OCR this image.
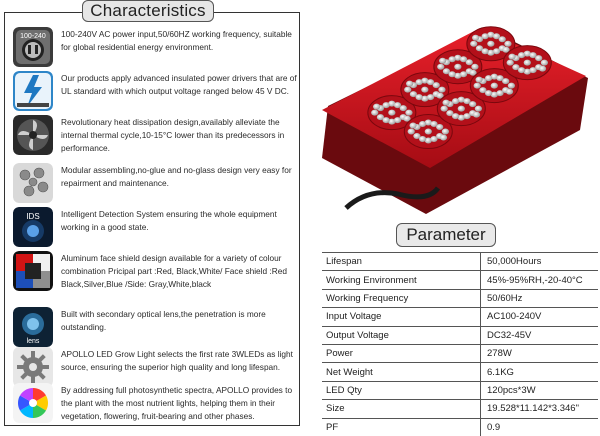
Characteristics
100-240 100-240V AC power input,50/60HZ working frequency, suitable for global residential energy environment.
Our products apply advanced insulated power drivers that are of UL standard with which output voltage ranged below 45 V DC.
Revolutionary heat dissipation design,availably alleviate the internal thermal cycle,10-15°C lower than its predecessors in performance.
Modular assembling,no-glue and no-glass design very easy for repairment and maintenance.
IDS	Intelligent Detection System ensuring the whole equipment working in a good state.
Aluminum face shield design available for a variety of colour combination Pricipal part :Red, Black,White/ Face shield :Red Black,Silver,Blue /Side: Gray,White,black
lens
Built with secondary optical lens,the penetration is more outstanding.
APOLLO LED Grow Light selects the first rate 3WLEDs as light source, ensuring the superior high quality and long lifespan.
By addressing full photosynthetic spectra, APOLLO provides to the plant with the most nutrient lights, helping them in their vegetation, flowering, fruit-bearing and other phases.
Parameter

Lifespan	50,000Hours
Working Environment	45%-95%RH,-20-40°C
Working Frequency	50/60Hz
Input Voltage	AC100-240V
Output Voltage	DC32-45V
Power	278W
Net Weight	6.1KG
LED Qty	120pcs*3W
Size	19.528*11.142*3.346"
PF	0.9
